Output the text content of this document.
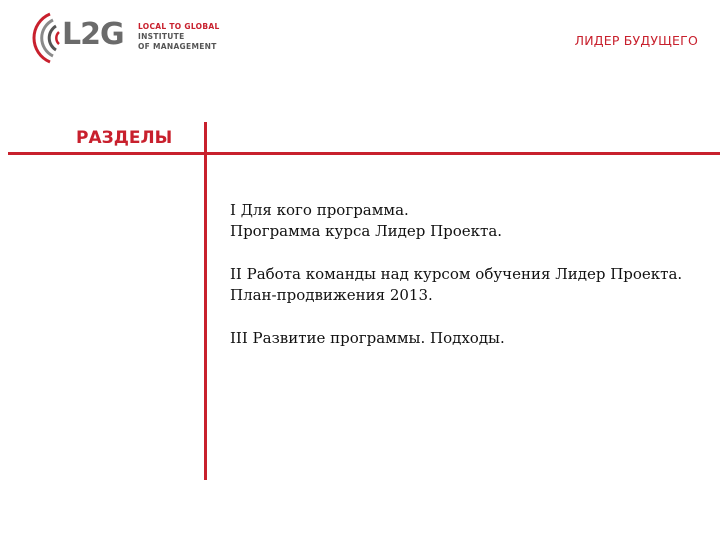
L2G LOCAL TO GLOBAL
INSTITUTE
OF MANAGEMENT	ЛИДЕР БУДУЩЕГО
РАЗДЕЛЫ

I Для кого программа.

Программа курса Лидер Проекта.

II Работа команды над курсом обучения Лидер Проекта.

План-продвижения 2013.

III Развитие программы. Подходы.
